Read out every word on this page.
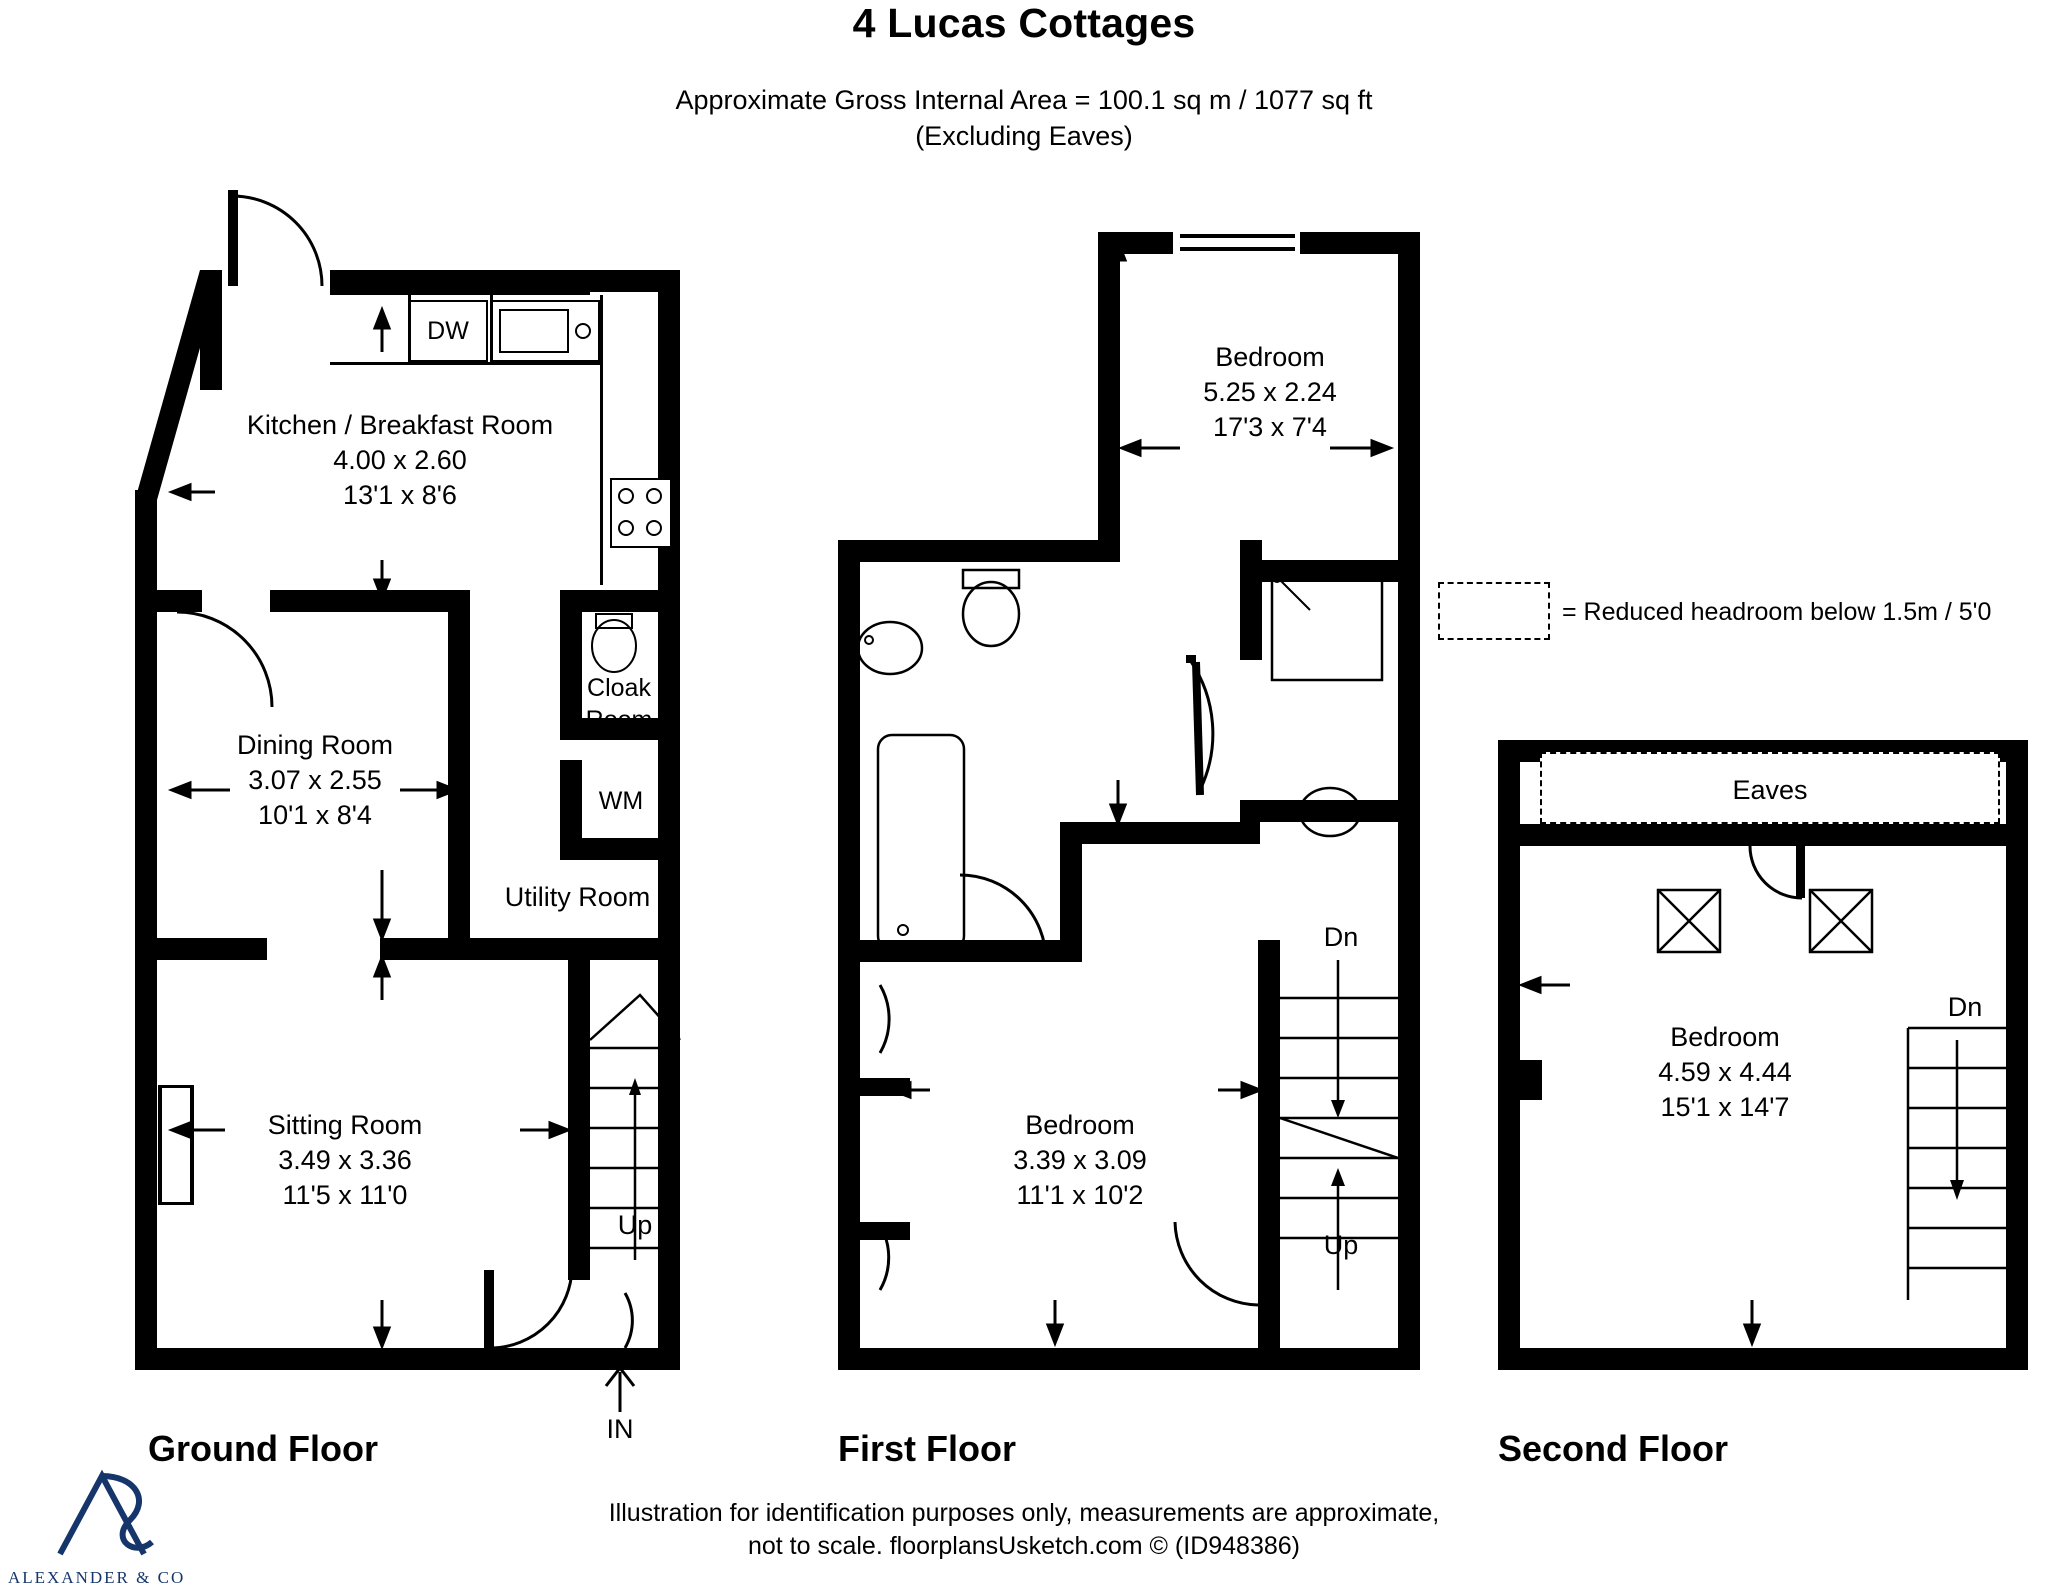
4 Lucas Cottages
Approximate Gross Internal Area = 100.1 sq m / 1077 sq ft
(Excluding Eaves)
DW
Kitchen / Breakfast Room
4.00 x 2.60
13'1 x 8'6
Cloak
Room
WM
Utility Room
Dining Room
3.07 x 2.55
10'1 x 8'4
Sitting Room
3.49 x 3.36
11'5 x 11'0
Up
IN
Ground Floor
Bedroom
5.25 x 2.24
17'3 x 7'4
Bedroom
3.39 x 3.09
11'1 x 10'2
Dn
Up
First Floor
Eaves
Bedroom
4.59 x 4.44
15'1 x 14'7
Dn
Second Floor
= Reduced headroom below 1.5m / 5'0
Illustration for identification purposes only, measurements are approximate,
not to scale. floorplansUsketch.com © (ID948386)
ALEXANDER & CO
